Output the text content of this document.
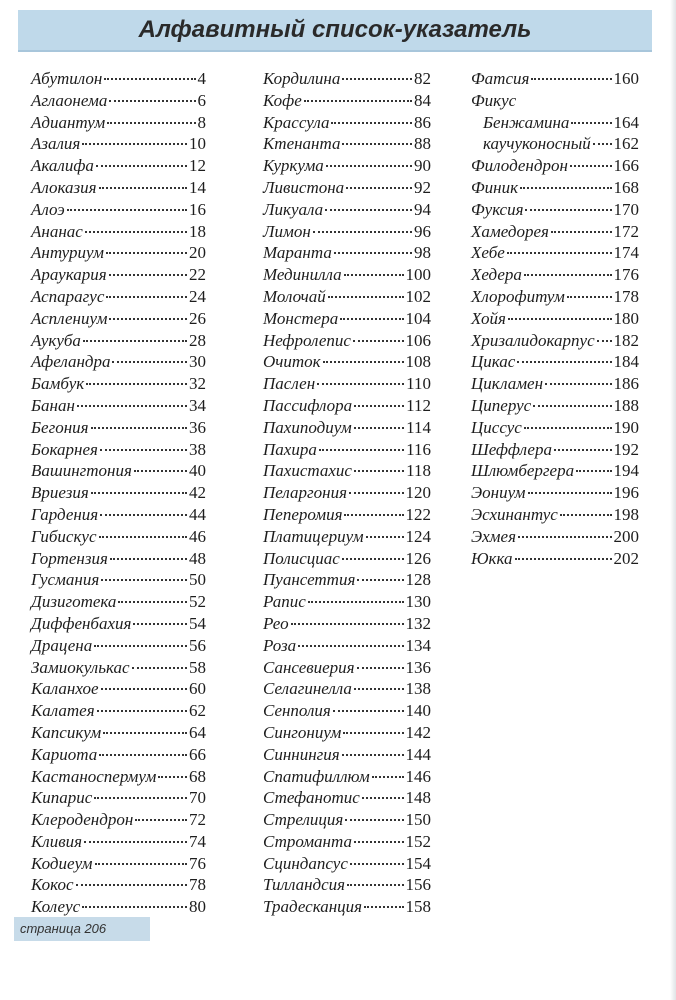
Алфавитный список-указатель
Абутилон	4
Аглаонема	6
Адиантум	8
Азалия	10
Акалифа	12
Алоказия	14
Алоэ	16
Ананас	18
Антуриум	20
Араукария	22
Аспарагус	24
Асплениум	26
Аукуба	28
Афеландра	30
Бамбук	32
Банан	34
Бегония	36
Бокарнея	38
Вашингтония	40
Вриезия	42
Гардения	44
Гибискус	46
Гортензия	48
Гусмания	50
Дизиготека	52
Диффенбахия	54
Драцена	56
Замиокулькас	58
Каланхое	60
Калатея	62
Капсикум	64
Кариота	66
Кастаноспермум 68
Кипарис	70
Клеродендрон	72
Кливия	74
Кодиеум	76
Кокос	78
Колеус	80
Кордилина	82
Кофе	84
Крассула	86
Ктенанта	88
Куркума	90
Ливистона	92
Ликуала	94
Лимон	96
Маранта	98
Мединилла	100
Молочай	102
Монстера	104
Нефролепис	106
Очиток	108
Паслен	110
Пассифлора	112
Пахиподиум	114
Пахира	116
Пахистахис	118
Пеларгония	120
Пеперомия	122
Платицериум 124
Полисциас	126
Пуансеттия	128
Рапис	130
Рео	132
Роза	134
Сансевиерия	136
Селагинелла	138
Сенполия	140
Сингониум	142
Синнингия	144
Спатифиллюм 146
Стефанотис	148
Стрелиция	150
Строманта	152
Сциндапсус	154
Тилландсия	156
Традесканция	158
Фатсия	160
Фикус
Бенжамина	164
каучуконосный 162
Филодендрон	166
Финик	168
Фуксия	170
Хамедорея	172
Хебе	174
Хедера	176
Хлорофитум	178
Хойя	180
Хризалидокарпус 182
Цикас	184
Цикламен	186
Циперус	188
Циссус	190
Шеффлера	192
Шлюмбергера 194
Эониум	196
Эсхинантус	198
Эхмея	200
Юкка	202
страница 206
